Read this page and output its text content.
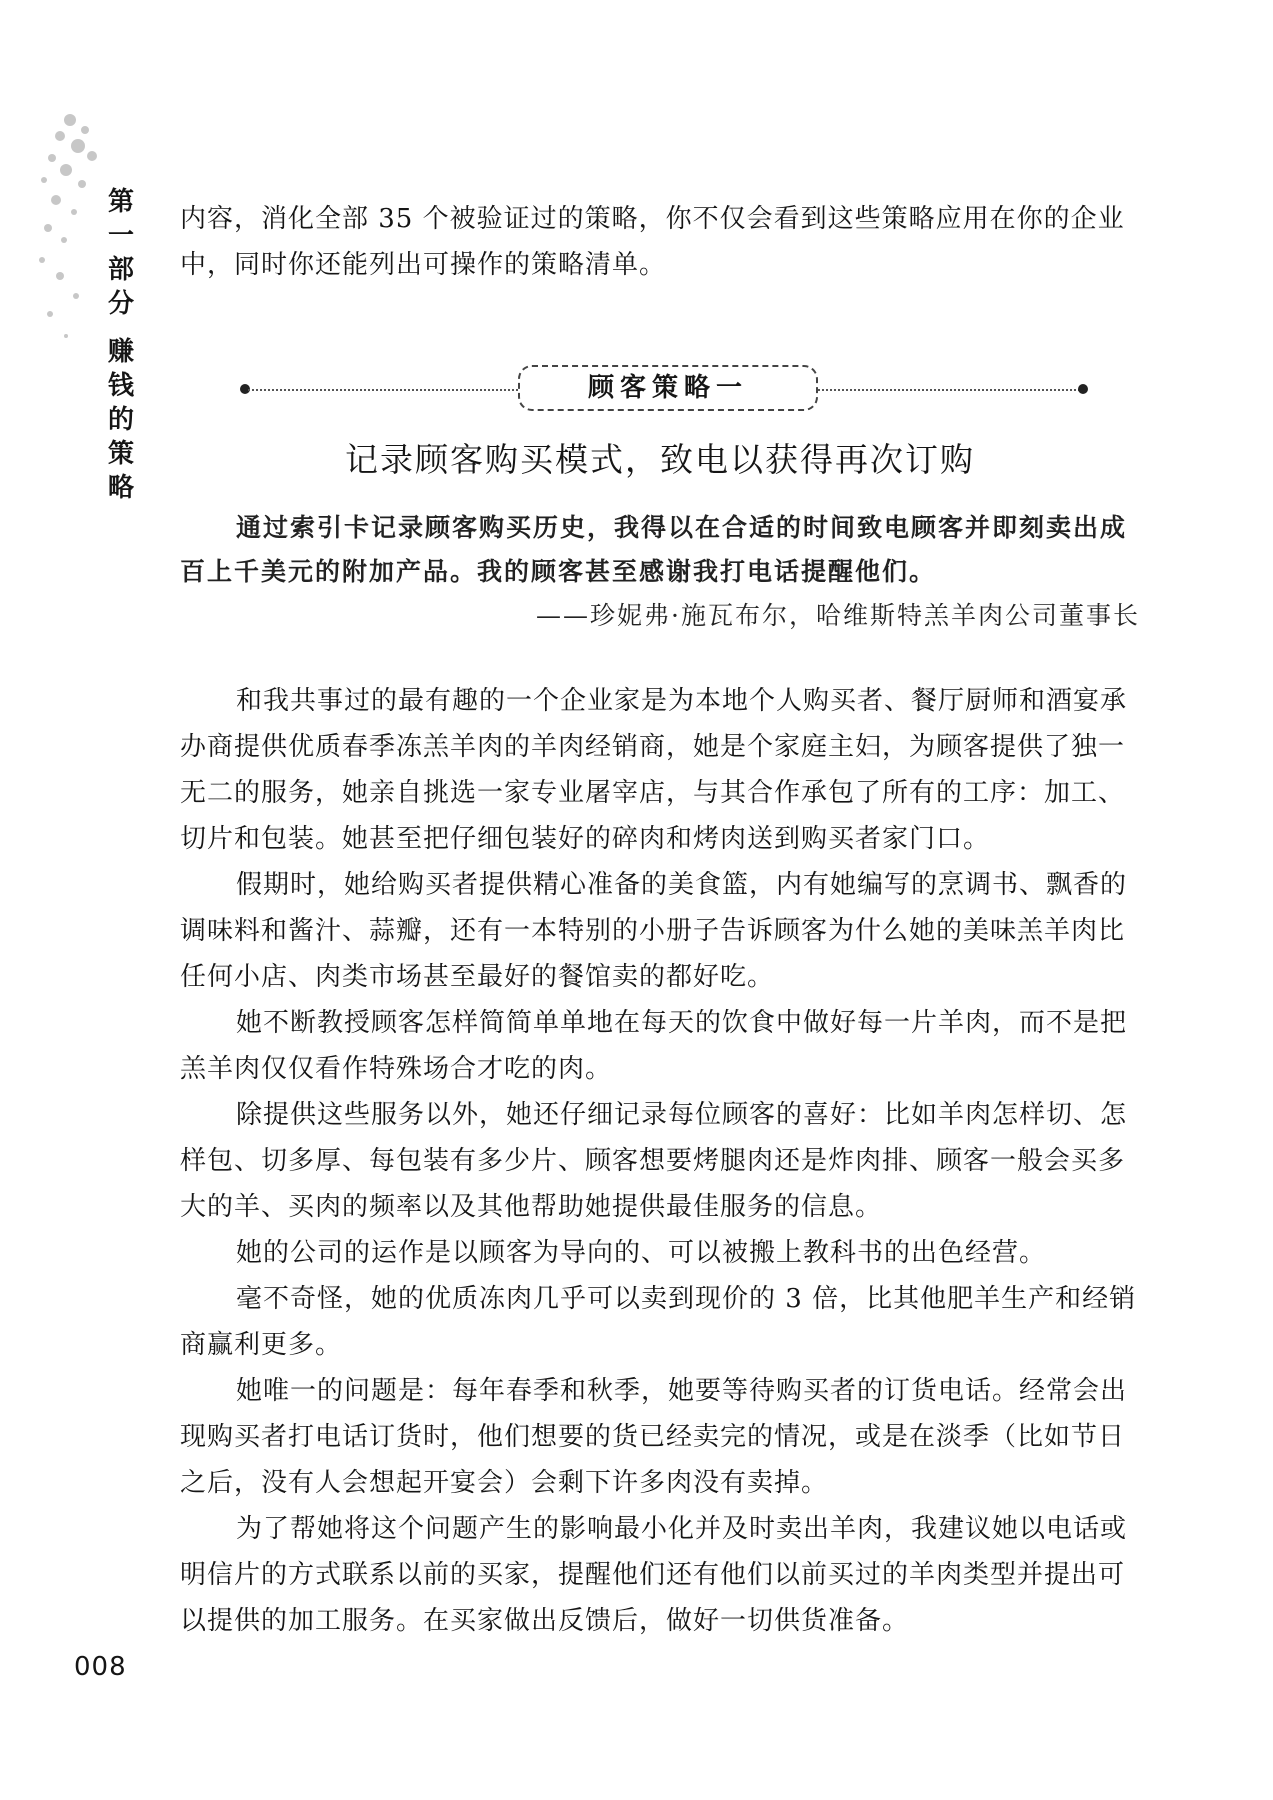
第
一
部
分
赚
钱
的
策
略

内容，消化全部 35 个被验证过的策略，你不仅会看到这些策略应用在你的企业中，同时你还能列出可操作的策略清单。

顾客策略一
记录顾客购买模式，致电以获得再次订购

通过索引卡记录顾客购买历史，我得以在合适的时间致电顾客并即刻卖出成百上千美元的附加产品。我的顾客甚至感谢我打电话提醒他们。

——珍妮弗·施瓦布尔，哈维斯特羔羊肉公司董事长

和我共事过的最有趣的一个企业家是为本地个人购买者、餐厅厨师和酒宴承办商提供优质春季冻羔羊肉的羊肉经销商，她是个家庭主妇，为顾客提供了独一无二的服务，她亲自挑选一家专业屠宰店，与其合作承包了所有的工序：加工、切片和包装。她甚至把仔细包装好的碎肉和烤肉送到购买者家门口。

假期时，她给购买者提供精心准备的美食篮，内有她编写的烹调书、飘香的调味料和酱汁、蒜瓣，还有一本特别的小册子告诉顾客为什么她的美味羔羊肉比任何小店、肉类市场甚至最好的餐馆卖的都好吃。

她不断教授顾客怎样简简单单地在每天的饮食中做好每一片羊肉，而不是把羔羊肉仅仅看作特殊场合才吃的肉。

除提供这些服务以外，她还仔细记录每位顾客的喜好：比如羊肉怎样切、怎样包、切多厚、每包装有多少片、顾客想要烤腿肉还是炸肉排、顾客一般会买多大的羊、买肉的频率以及其他帮助她提供最佳服务的信息。

她的公司的运作是以顾客为导向的、可以被搬上教科书的出色经营。

毫不奇怪，她的优质冻肉几乎可以卖到现价的 3 倍，比其他肥羊生产和经销商赢利更多。

她唯一的问题是：每年春季和秋季，她要等待购买者的订货电话。经常会出现购买者打电话订货时，他们想要的货已经卖完的情况，或是在淡季（比如节日之后，没有人会想起开宴会）会剩下许多肉没有卖掉。

为了帮她将这个问题产生的影响最小化并及时卖出羊肉，我建议她以电话或明信片的方式联系以前的买家，提醒他们还有他们以前买过的羊肉类型并提出可以提供的加工服务。在买家做出反馈后，做好一切供货准备。

008
